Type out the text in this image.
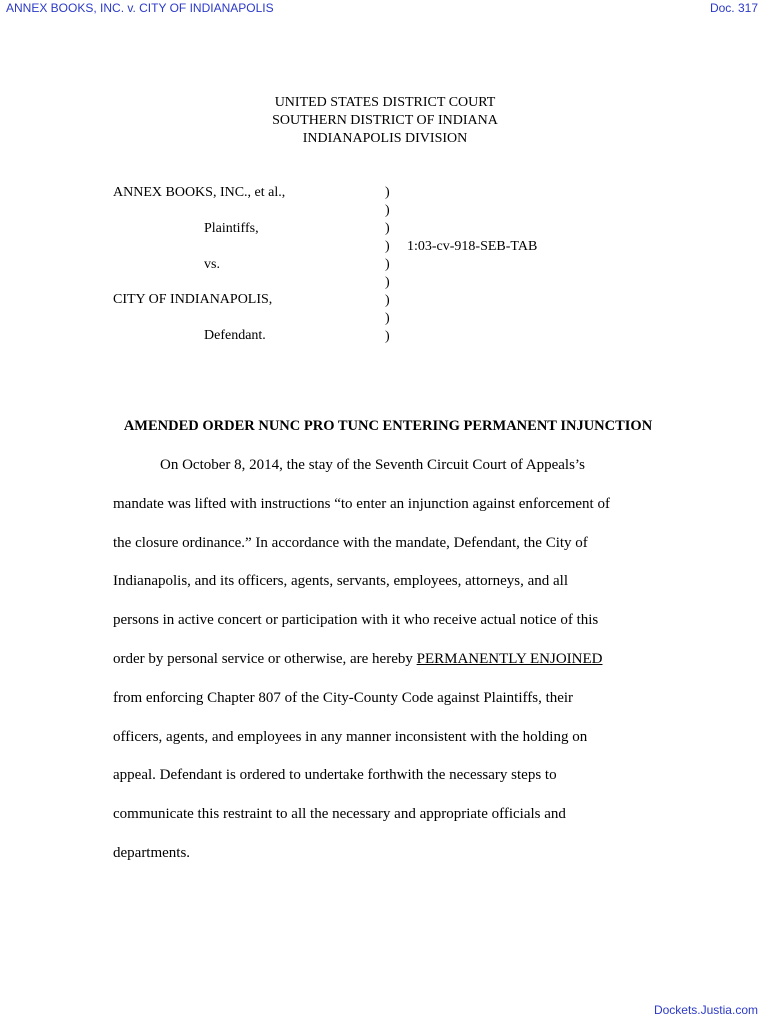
ANNEX BOOKS, INC. v. CITY OF INDIANAPOLIS	Doc. 317
UNITED STATES DISTRICT COURT
SOUTHERN DISTRICT OF INDIANA
INDIANAPOLIS DIVISION
ANNEX BOOKS, INC., et al.,
Plaintiffs,
vs.
CITY OF INDIANAPOLIS,
Defendant.
)
)
)
)
)
)
)
)
)
1:03-cv-918-SEB-TAB
AMENDED ORDER NUNC PRO TUNC ENTERING PERMANENT INJUNCTION
On October 8, 2014, the stay of the Seventh Circuit Court of Appeals’s
mandate was lifted with instructions “to enter an injunction against enforcement of
the closure ordinance.” In accordance with the mandate, Defendant, the City of
Indianapolis, and its officers, agents, servants, employees, attorneys, and all
persons in active concert or participation with it who receive actual notice of this
order by personal service or otherwise, are hereby PERMANENTLY ENJOINED
from enforcing Chapter 807 of the City-County Code against Plaintiffs, their
officers, agents, and employees in any manner inconsistent with the holding on
appeal. Defendant is ordered to undertake forthwith the necessary steps to
communicate this restraint to all the necessary and appropriate officials and
departments.
Dockets.Justia.com
